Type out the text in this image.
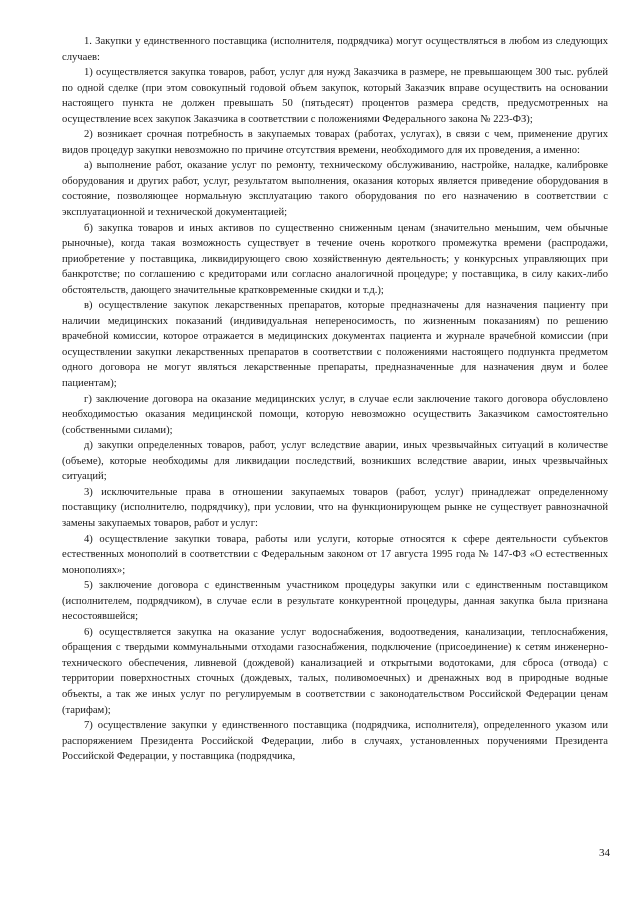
1. Закупки у единственного поставщика (исполнителя, подрядчика) могут осуществляться в любом из следующих случаев:

1) осуществляется закупка товаров, работ, услуг для нужд Заказчика в размере, не превышающем 300 тыс. рублей по одной сделке (при этом совокупный годовой объем закупок, который Заказчик вправе осуществить на основании настоящего пункта не должен превышать 50 (пятьдесят) процентов размера средств, предусмотренных на осуществление всех закупок Заказчика в соответствии с положениями Федерального закона № 223-ФЗ);

2) возникает срочная потребность в закупаемых товарах (работах, услугах), в связи с чем, применение других видов процедур закупки невозможно по причине отсутствия времени, необходимого для их проведения, а именно:

а) выполнение работ, оказание услуг по ремонту, техническому обслуживанию, настройке, наладке, калибровке оборудования и других работ, услуг, результатом выполнения, оказания которых является приведение оборудования в состояние, позволяющее нормальную эксплуатацию такого оборудования по его назначению в соответствии с эксплуатационной и технической документацией;

б) закупка товаров и иных активов по существенно сниженным ценам (значительно меньшим, чем обычные рыночные), когда такая возможность существует в течение очень короткого промежутка времени (распродажи, приобретение у поставщика, ликвидирующего свою хозяйственную деятельность; у конкурсных управляющих при банкротстве; по соглашению с кредиторами или согласно аналогичной процедуре; у поставщика, в силу каких-либо обстоятельств, дающего значительные кратковременные скидки и т.д.);

в) осуществление закупок лекарственных препаратов, которые предназначены для назначения пациенту при наличии медицинских показаний (индивидуальная непереносимость, по жизненным показаниям) по решению врачебной комиссии, которое отражается в медицинских документах пациента и журнале врачебной комиссии (при осуществлении закупки лекарственных препаратов в соответствии с положениями настоящего подпункта предметом одного договора не могут являться лекарственные препараты, предназначенные для назначения двум и более пациентам);

г) заключение договора на оказание медицинских услуг, в случае если заключение такого договора обусловлено необходимостью оказания медицинской помощи, которую невозможно осуществить Заказчиком самостоятельно (собственными силами);

д) закупки определенных товаров, работ, услуг вследствие аварии, иных чрезвычайных ситуаций в количестве (объеме), которые необходимы для ликвидации последствий, возникших вследствие аварии, иных чрезвычайных ситуаций;

3) исключительные права в отношении закупаемых товаров (работ, услуг) принадлежат определенному поставщику (исполнителю, подрядчику), при условии, что на функционирующем рынке не существует равнозначной замены закупаемых товаров, работ и услуг:

4) осуществление закупки товара, работы или услуги, которые относятся к сфере деятельности субъектов естественных монополий в соответствии с Федеральным законом от 17 августа 1995 года № 147-ФЗ «О естественных монополиях»;

5) заключение договора с единственным участником процедуры закупки или с единственным поставщиком (исполнителем, подрядчиком), в случае если в результате конкурентной процедуры, данная закупка была признана несостоявшейся;

6) осуществляется закупка на оказание услуг водоснабжения, водоотведения, канализации, теплоснабжения, обращения с твердыми коммунальными отходами газоснабжения, подключение (присоединение) к сетям инженерно-технического обеспечения, ливневой (дождевой) канализацией и открытыми водотоками, для сброса (отвода) с территории поверхностных сточных (дождевых, талых, поливомоечных) и дренажных вод в природные водные объекты, а так же иных услуг по регулируемым в соответствии с законодательством Российской Федерации ценам (тарифам);

7) осуществление закупки у единственного поставщика (подрядчика, исполнителя), определенного указом или распоряжением Президента Российской Федерации, либо в случаях, установленных поручениями Президента Российской Федерации, у поставщика (подрядчика,

34
